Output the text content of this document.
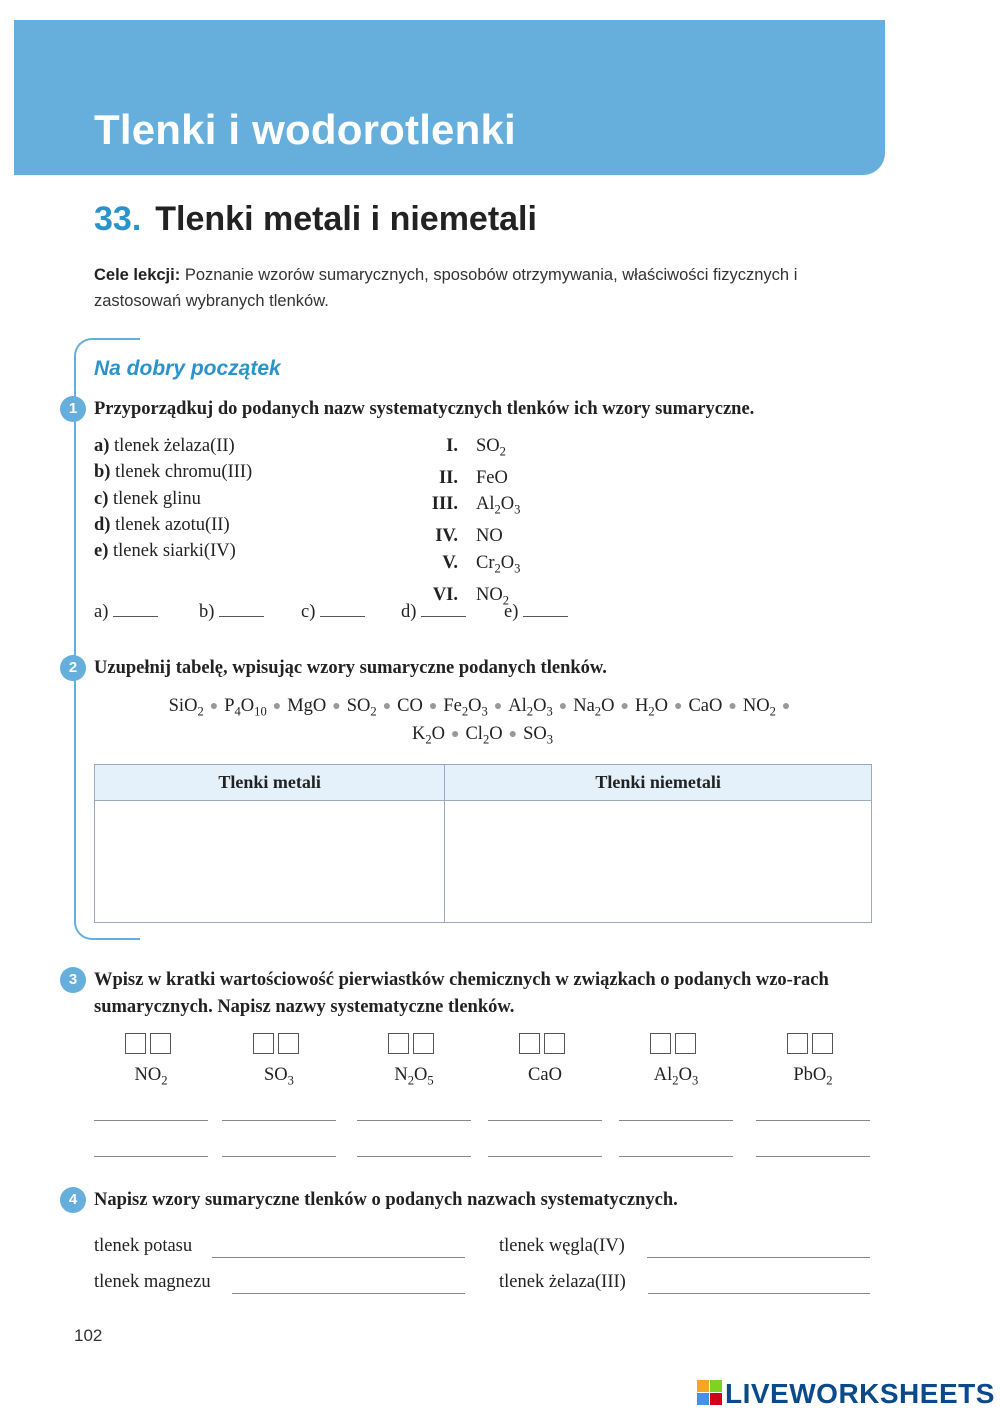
Tlenki i wodorotlenki
33. Tlenki metali i niemetali
Cele lekcji: Poznanie wzorów sumarycznych, sposobów otrzymywania, właściwości fizycznych i zastosowań wybranych tlenków.
Na dobry początek
1 Przyporządkuj do podanych nazw systematycznych tlenków ich wzory sumaryczne.
a) tlenek żelaza(II)
b) tlenek chromu(III)
c) tlenek glinu
d) tlenek azotu(II)
e) tlenek siarki(IV)
I. $SO_2$
II. FeO
III. $Al_2O_3$
IV. NO
V. $Cr_2O_3$
VI. $NO_2$
a)	b)	c)	d)	e)
2 Uzupełnij tabelę, wpisując wzory sumaryczne podanych tlenków.
SiO$_2$ ● $P_4O_{10}$ ● MgO ● $SO_2$ ● CO ● $Fe_2O_3$ ● $Al_2O_3$ ● $Na_2O$ ● $H_2O$ ● CaO ● $NO_2$ ●
$K_2O$ ● $Cl_2O$ ● $SO_3$
Tlenki metali	Tlenki niemetali

3 Wpisz w kratki wartościowość pierwiastków chemicznych w związkach o podanych wzo-rach sumarycznych. Napisz nazwy systematyczne tlenków.
$NO_2$	$SO_3$	$N_2O_5$	CaO	$Al_2O_3$	PbO$_2$
4 Napisz wzory sumaryczne tlenków o podanych nazwach systematycznych.
tlenek potasu	tlenek węgla(IV)
tlenek magnezu	tlenek żelaza(III)
102
LIVEWORKSHEETS
